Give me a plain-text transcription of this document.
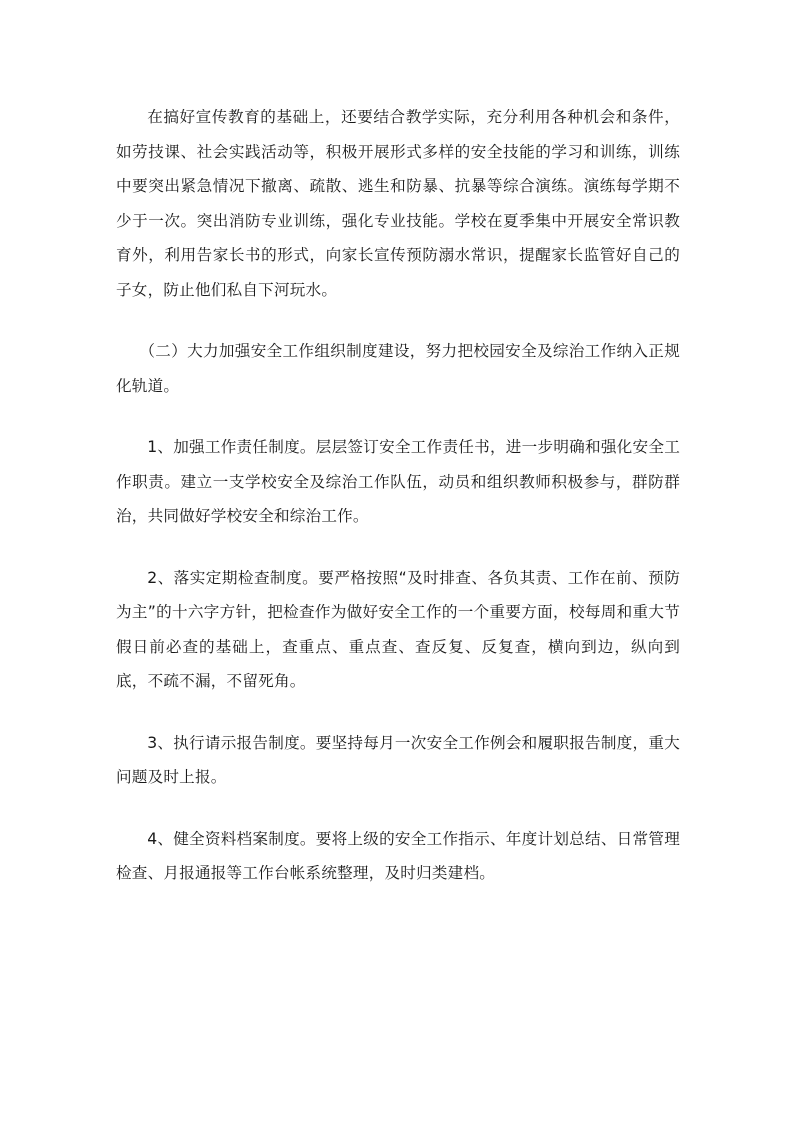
在搞好宣传教育的基础上，还要结合教学实际，充分利用各种机会和条件，如劳技课、社会实践活动等，积极开展形式多样的安全技能的学习和训练，训练中要突出紧急情况下撤离、疏散、逃生和防暴、抗暴等综合演练。演练每学期不少于一次。突出消防专业训练，强化专业技能。学校在夏季集中开展安全常识教育外，利用告家长书的形式，向家长宣传预防溺水常识，提醒家长监管好自己的子女，防止他们私自下河玩水。

（二）大力加强安全工作组织制度建设，努力把校园安全及综治工作纳入正规化轨道。

1、加强工作责任制度。层层签订安全工作责任书，进一步明确和强化安全工作职责。建立一支学校安全及综治工作队伍，动员和组织教师积极参与，群防群治，共同做好学校安全和综治工作。

2、落实定期检查制度。要严格按照“及时排查、各负其责、工作在前、预防为主”的十六字方针，把检查作为做好安全工作的一个重要方面，校每周和重大节假日前必查的基础上，查重点、重点查、查反复、反复查，横向到边，纵向到底，不疏不漏，不留死角。

3、执行请示报告制度。要坚持每月一次安全工作例会和履职报告制度，重大问题及时上报。

4、健全资料档案制度。要将上级的安全工作指示、年度计划总结、日常管理检查、月报通报等工作台帐系统整理，及时归类建档。
